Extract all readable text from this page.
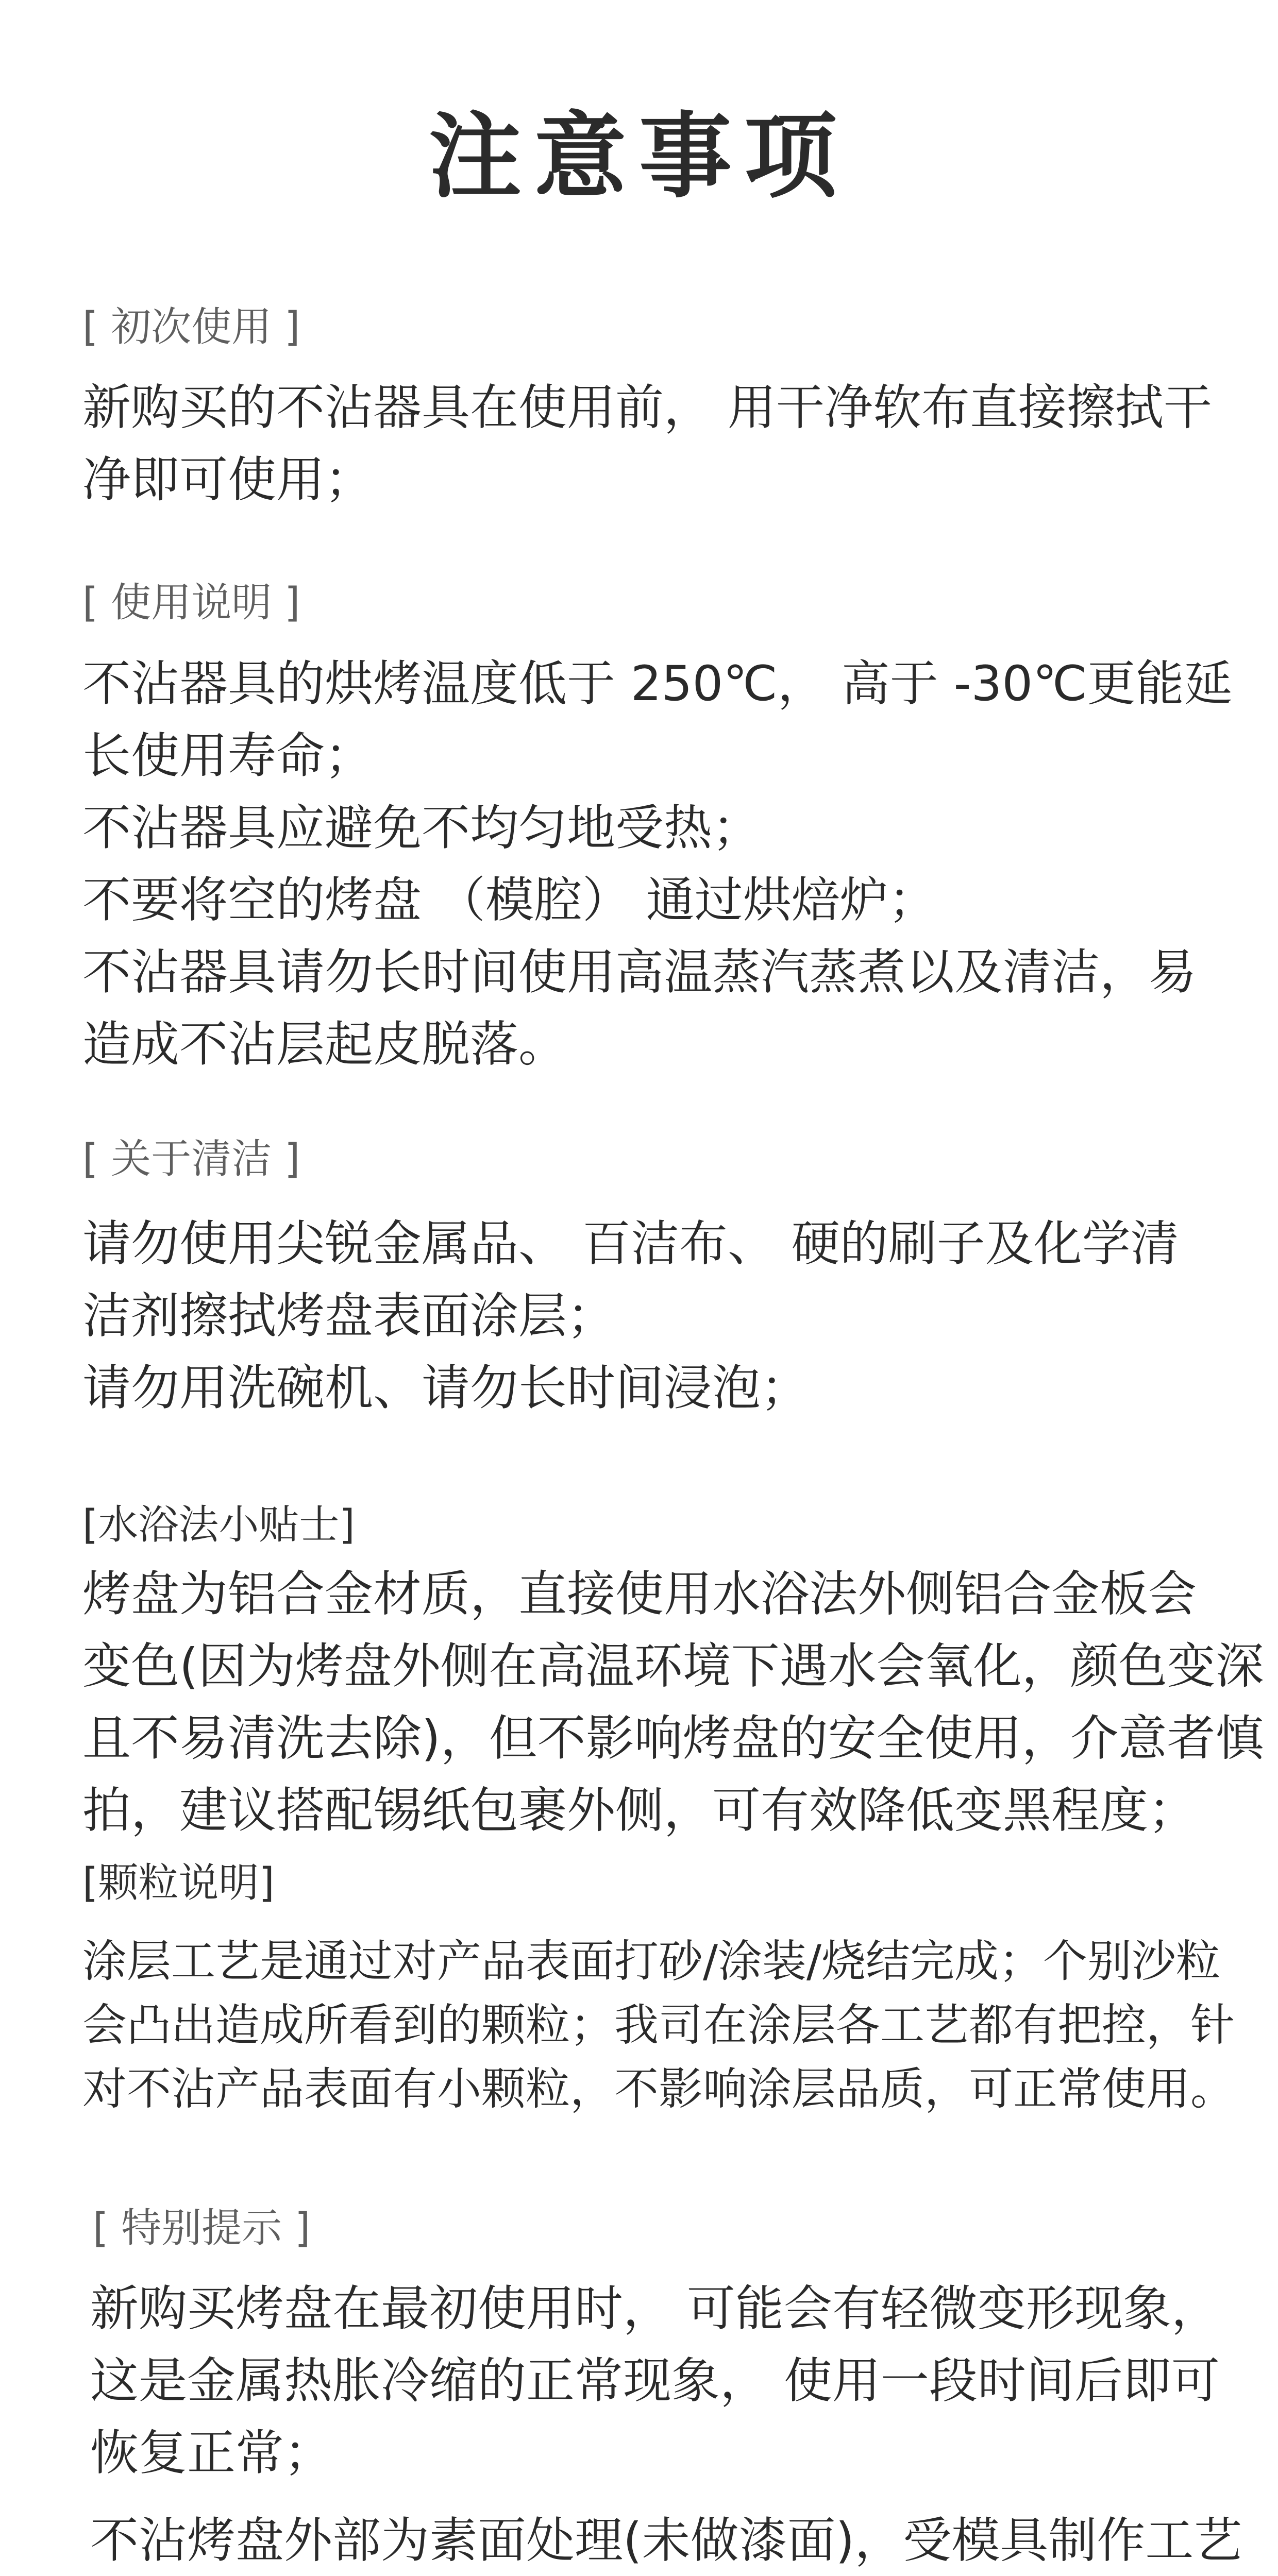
注意事项
[ 初次使用 ]
新购买的不沾器具在使用前， 用干净软布直接擦拭干
净即可使用；
[ 使用说明 ]
不沾器具的烘烤温度低于 250℃， 高于 -30℃更能延
长使用寿命；
不沾器具应避免不均匀地受热；
不要将空的烤盘 （模腔） 通过烘焙炉；
不沾器具请勿长时间使用高温蒸汽蒸煮以及清洁，易
造成不沾层起皮脱落。
[ 关于清洁 ]
请勿使用尖锐金属品、 百洁布、 硬的刷子及化学清
洁剂擦拭烤盘表面涂层；
请勿用洗碗机、请勿长时间浸泡；
[水浴法小贴士]
烤盘为铝合金材质，直接使用水浴法外侧铝合金板会
变色(因为烤盘外侧在高温环境下遇水会氧化，颜色变深
且不易清洗去除)，但不影响烤盘的安全使用，介意者慎
拍，建议搭配锡纸包裹外侧，可有效降低变黑程度；
[颗粒说明]
涂层工艺是通过对产品表面打砂/涂装/烧结完成；个别沙粒
会凸出造成所看到的颗粒；我司在涂层各工艺都有把控，针
对不沾产品表面有小颗粒，不影响涂层品质，可正常使用。
[ 特别提示 ]
新购买烤盘在最初使用时， 可能会有轻微变形现象，
这是金属热胀冷缩的正常现象， 使用一段时间后即可
恢复正常；
不沾烤盘外部为素面处理(未做漆面)，受模具制作工艺
